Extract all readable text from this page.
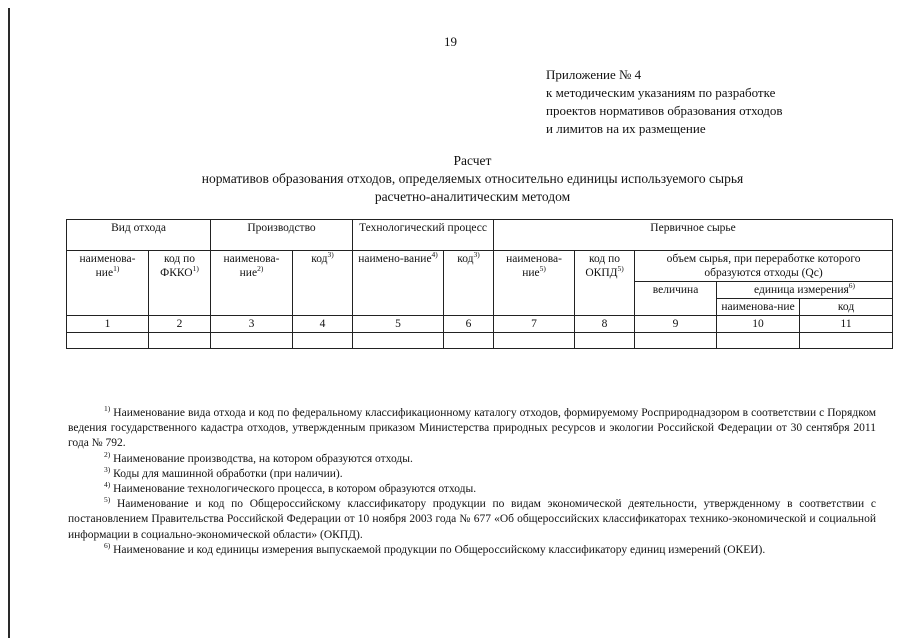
19
Приложение № 4
к методическим указаниям по разработке
проектов нормативов образования отходов
и лимитов на их размещение
Расчет
нормативов образования отходов, определяемых относительно единицы используемого сырья
расчетно-аналитическим методом
Вид отхода		Производство		Технологический процесс		Первичное сырье				
наименова-ние$^{1)}$	код по ФККО$^{1)}$	наименова-ние$^{2)}$	код$^{3)}$	наимено-вание$^{4)}$	код$^{3)}$	наименова-ние$^{5)}$	код по ОКПД$^{5)}$	объем сырья, при переработке которого образуются отходы (Qc)		
								величина	единица измерения$^{6)}$
									наименова-ние	код
1	2	3	4	5	6	7	8	9	10	11

$^{1)}$ Наименование вида отхода и код по федеральному классификационному каталогу отходов, формируемому Росприроднадзором в соответствии с Порядком ведения государственного кадастра отходов, утвержденным приказом Министерства природных ресурсов и экологии Российской Федерации от 30 сентября 2011 года № 792.

$^{2)}$ Наименование производства, на котором образуются отходы.

$^{3)}$ Коды для машинной обработки (при наличии).

$^{4)}$ Наименование технологического процесса, в котором образуются отходы.

$^{5)}$ Наименование и код по Общероссийскому классификатору продукции по видам экономической деятельности, утвержденному в соответствии с постановлением Правительства Российской Федерации от 10 ноября 2003 года № 677 «Об общероссийских классификаторах технико-экономической и социальной информации в социально-экономической области» (ОКПД).

$^{6)}$ Наименование и код единицы измерения выпускаемой продукции по Общероссийскому классификатору единиц измерений (ОКЕИ).
